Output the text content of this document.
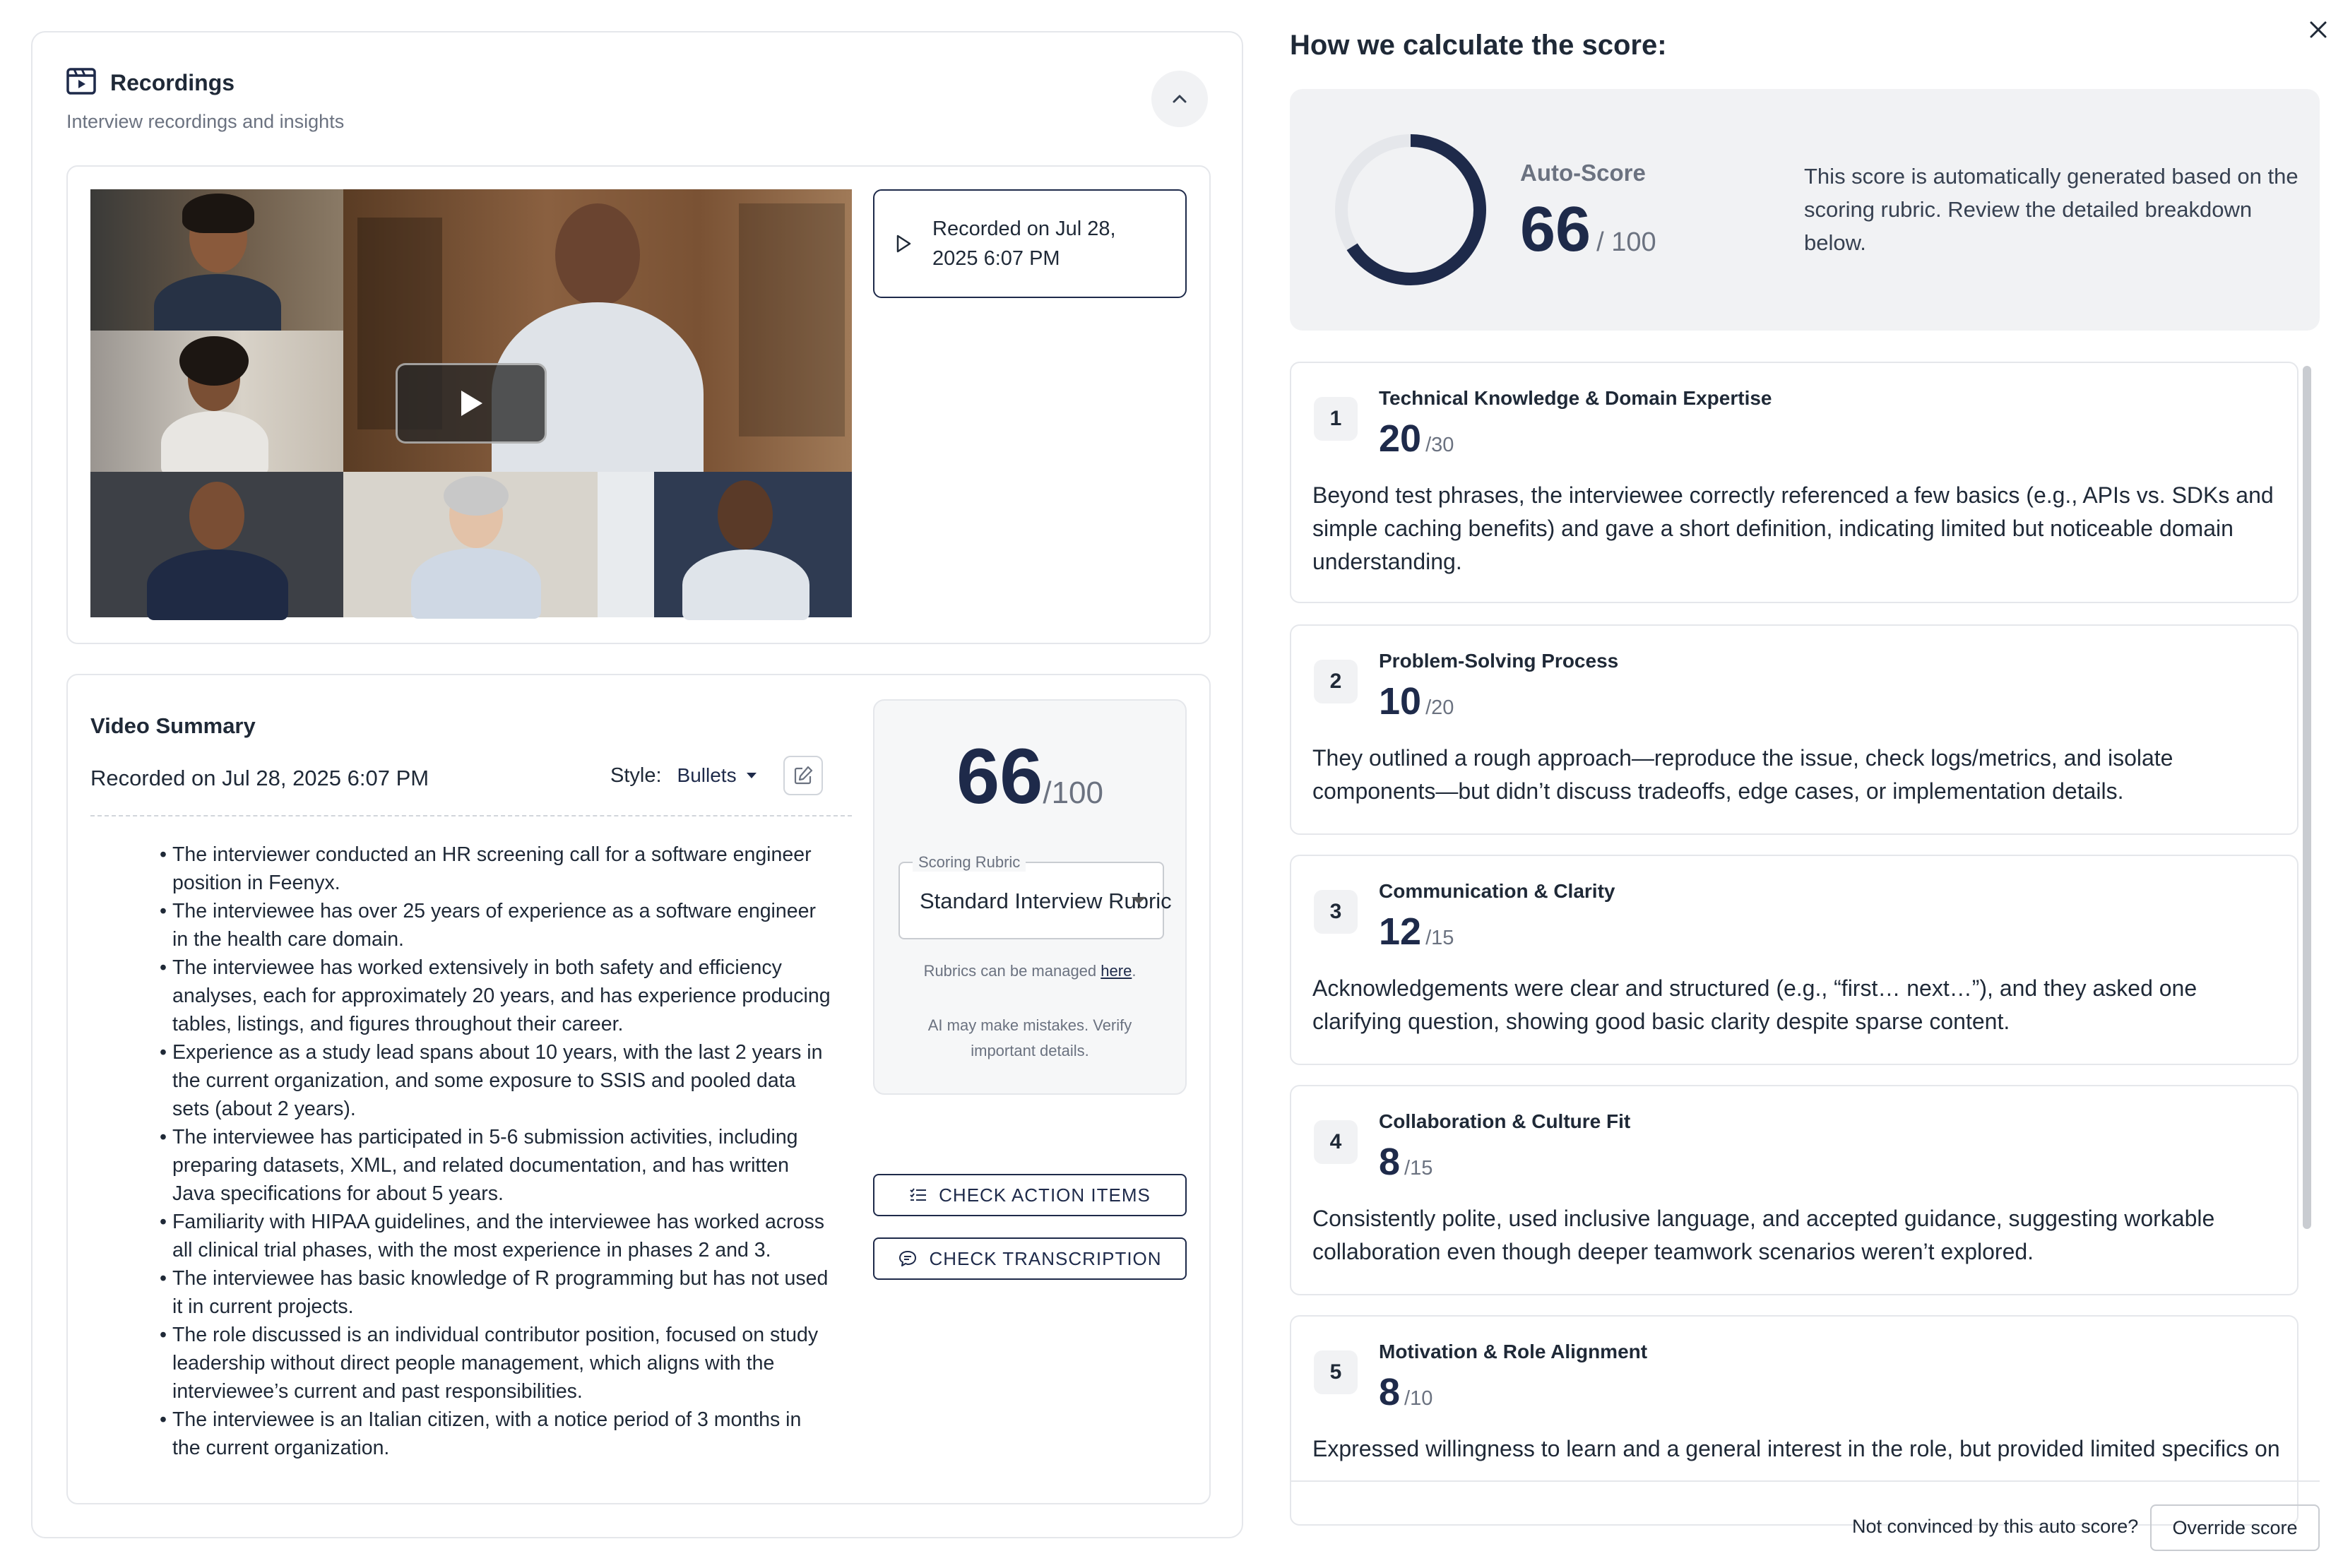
Recordings
Interview recordings and insights
Recorded on Jul 28, 2025 6:07 PM
Video Summary
Recorded on Jul 28, 2025 6:07 PM	Style: Bullets
• The interviewer conducted an HR screening call for a software engineer position in Feenyx.
• The interviewee has over 25 years of experience as a software engineer in the health care domain.
• The interviewee has worked extensively in both safety and efficiency analyses, each for approximately 20 years, and has experience producing tables, listings, and figures throughout their career.
• Experience as a study lead spans about 10 years, with the last 2 years in the current organization, and some exposure to SSIS and pooled data sets (about 2 years).
• The interviewee has participated in 5-6 submission activities, including preparing datasets, XML, and related documentation, and has written Java specifications for about 5 years.
• Familiarity with HIPAA guidelines, and the interviewee has worked across all clinical trial phases, with the most experience in phases 2 and 3.
• The interviewee has basic knowledge of R programming but has not used it in current projects.
• The role discussed is an individual contributor position, focused on study leadership without direct people management, which aligns with the interviewee’s current and past responsibilities.
• The interviewee is an Italian citizen, with a notice period of 3 months in the current organization.
66/100
Scoring Rubric
Standard Interview Rubric
Rubrics can be managed here.
AI may make mistakes. Verify important details.
CHECK ACTION ITEMS
CHECK TRANSCRIPTION
How we calculate the score:
Auto-Score
66 / 100
This score is automatically generated based on the scoring rubric. Review the detailed breakdown below.
1
Technical Knowledge & Domain Expertise
20 /30
Beyond test phrases, the interviewee correctly referenced a few basics (e.g., APIs vs. SDKs and simple caching benefits) and gave a short definition, indicating limited but noticeable domain understanding.
2
Problem-Solving Process
10 /20
They outlined a rough approach—reproduce the issue, check logs/metrics, and isolate components—but didn’t discuss tradeoffs, edge cases, or implementation details.
3
Communication & Clarity
12 /15
Acknowledgements were clear and structured (e.g., “first… next…”), and they asked one clarifying question, showing good basic clarity despite sparse content.
4
Collaboration & Culture Fit
8 /15
Consistently polite, used inclusive language, and accepted guidance, suggesting workable collaboration even though deeper teamwork scenarios weren’t explored.
5
Motivation & Role Alignment
8 /10
Expressed willingness to learn and a general interest in the role, but provided limited specifics on
Not convinced by this auto score?	Override score
